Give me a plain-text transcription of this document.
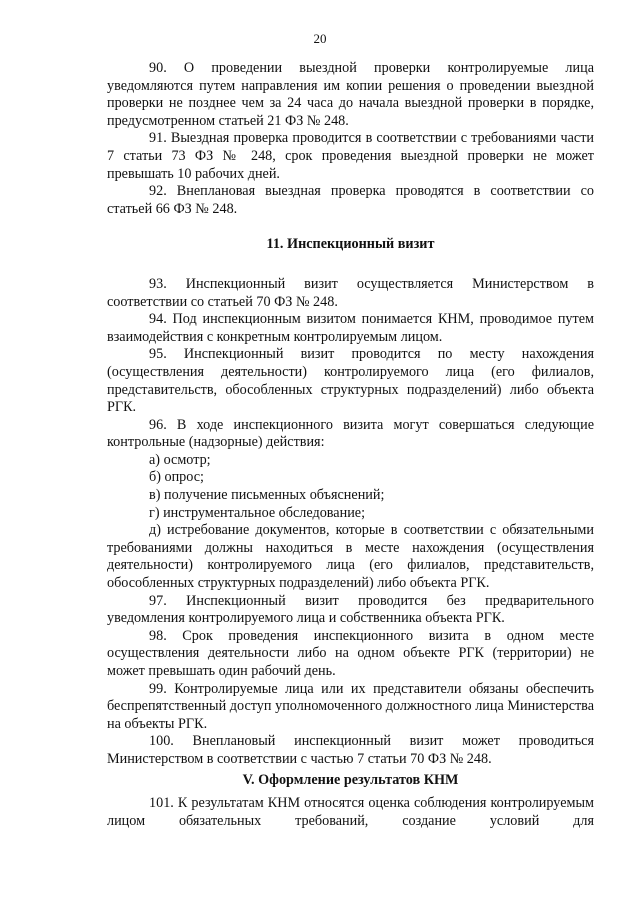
20

90. О проведении выездной проверки контролируемые лица уведомляются путем направления им копии решения о проведении выездной проверки не позднее чем за 24 часа до начала выездной проверки в порядке, предусмотренном статьей 21 ФЗ № 248.

91. Выездная проверка проводится в соответствии с требованиями части 7 статьи 73 ФЗ № 248, срок проведения выездной проверки не может превышать 10 рабочих дней.

92. Внеплановая выездная проверка проводятся в соответствии со статьей 66 ФЗ № 248.

11. Инспекционный визит

93. Инспекционный визит осуществляется Министерством в соответствии со статьей 70 ФЗ № 248.

94. Под инспекционным визитом понимается КНМ, проводимое путем взаимодействия с конкретным контролируемым лицом.

95. Инспекционный визит проводится по месту нахождения (осуществления деятельности) контролируемого лица (его филиалов, представительств, обособленных структурных подразделений) либо объекта РГК.

96. В ходе инспекционного визита могут совершаться следующие контрольные (надзорные) действия:

а) осмотр;

б) опрос;

в) получение письменных объяснений;

г) инструментальное обследование;

д) истребование документов, которые в соответствии с обязательными требованиями должны находиться в месте нахождения (осуществления деятельности) контролируемого лица (его филиалов, представительств, обособленных структурных подразделений) либо объекта РГК.

97. Инспекционный визит проводится без предварительного уведомления контролируемого лица и собственника объекта РГК.

98. Срок проведения инспекционного визита в одном месте осуществления деятельности либо на одном объекте РГК (территории) не может превышать один рабочий день.

99. Контролируемые лица или их представители обязаны обеспечить беспрепятственный доступ уполномоченного должностного лица Министерства на объекты РГК.

100. Внеплановый инспекционный визит может проводиться Министерством в соответствии с частью 7 статьи 70 ФЗ № 248.

V. Оформление результатов КНМ

101. К результатам КНМ относятся оценка соблюдения контролируемым лицом обязательных требований, создание условий для
